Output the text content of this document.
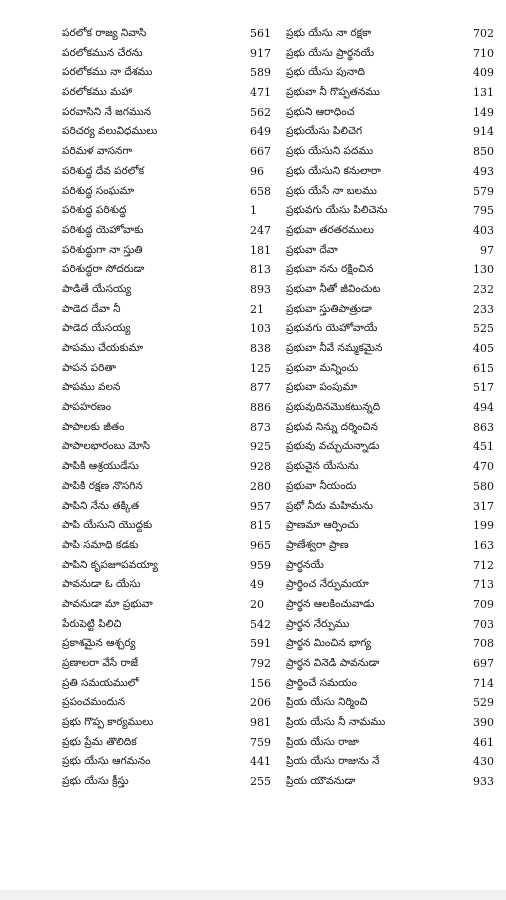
పరలోక రాజ్య నివాసి
పరలోకమున చేరను
పరలోకము నా దేశము
పరలోకము మహా
పరవాసిని నే జగమున
పరిచర్య వలువిధములు
పరిమళ వాసనగా
పరిశుద్ధ దేవ పరలోక
పరిశుద్ధ సంఘమా
పరిశుద్ధ పరిశుద్ధ
పరిశుద్ధ యెహోవాకు
పరిశుద్ధుగా నా స్తుతి
పరిశుద్ధరా సోదరుడా
పాడితే యేసయ్య
పాడెద దేవా నీ
పాడెద యేసయ్య
పాపము చేయకుమా
పాపన పరితా
పాపము వలన
పాపహరణం
పాపాలకు జీతం
పాపాలభారంబు మోసి
పాపికి ఆశ్రయుడేసు
పాపికి రక్షణ నొసగిన
పాపిని నేను తక్కిత
పాపి యేసుని యొద్దకు
పాపి సమాధి కడకు
పాపిని కృపజూపవయ్యా
పావనుడా ఓ యేసు
పావనుడా మా ప్రభువా
పేరుపెట్టి పిలిచి
ప్రకాశమైన ఆశ్చర్య
ప్రణాలరా వేసే రాజే
ప్రతి సమయములో
ప్రపంచమందున
ప్రభు గొప్ప కార్యములు
ప్రభు ప్రేమ తొలిదిక
ప్రభు యేసు ఆగమనం
ప్రభు యేసు క్రీస్తు
561
917
589
471
562
649
667
96
658
1
247
181
813
893
21
103
838
125
877
886
873
925
928
280
957
815
965
959
49
20
542
591
792
156
206
981
759
441
255
ప్రభు యేసు నా రక్షకా
ప్రభు యేసు ప్రార్థనయే
ప్రభు యేసు పునాది
ప్రభువా నీ గొప్పతనము
ప్రభుని ఆరాధించ
ప్రభుయేసు పిలిచెగ
ప్రభు యేసుని పదము
ప్రభు యేసుని కనులారా
ప్రభు యేసే నా బలము
ప్రభువగు యేసు పిలిచెను
ప్రభువా తరతరములు
ప్రభువా దేవా
ప్రభువా నను రక్షించిన
ప్రభువా నీతో జీవించుట
ప్రభువా స్తుతిపాత్రుడా
ప్రభువగు యెహోవాయే
ప్రభువా నీవే నమ్మకమైన
ప్రభువా మన్నించు
ప్రభువా పంపుమా
ప్రభువుదినమొకటున్నది
ప్రభువ నిన్ను దర్శించిన
ప్రభువు వచ్చుచున్నాడు
ప్రభువైన యేసును
ప్రభువా నీయందు
ప్రభో నీదు మహిమను
ప్రాణమా ఆర్పించు
ప్రాణేశ్వరా ప్రాణ
ప్రార్థనయే
ప్రార్థించ నేర్పుమయా
ప్రార్థన ఆలకించువాడు
ప్రార్థన నేర్పుము
ప్రార్థన మించిన భాగ్య
ప్రార్థన వినెడి పావనుడా
ప్రార్థించే సమయం
ప్రియ యేసు నిర్మించి
ప్రియ యేసు నీ నామము
ప్రియ యేసు రాజా
ప్రియ యేసు రాజును నే
ప్రియ యౌవనుడా
702
710
409
131
149
914
850
493
579
795
403
97
130
232
233
525
405
615
517
494
863
451
470
580
317
199
163
712
713
709
703
708
697
714
529
390
461
430
933
